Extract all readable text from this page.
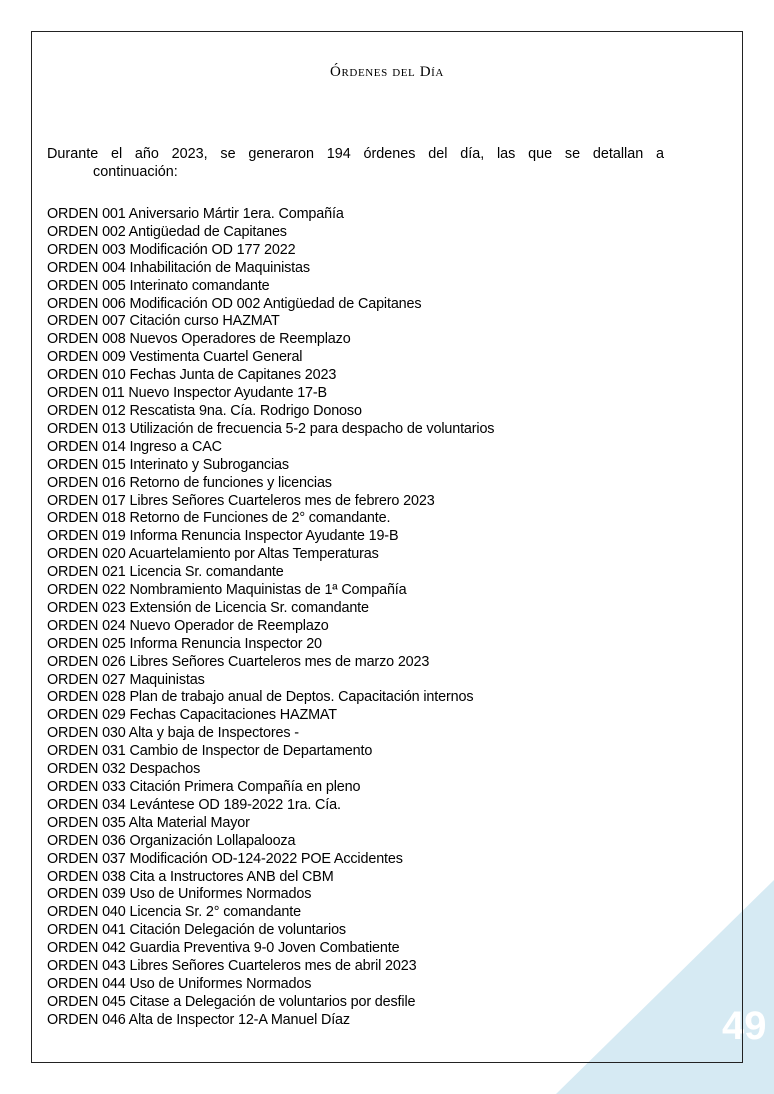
49
Órdenes del Día
Durante el año 2023, se generaron 194 órdenes del día, las que se detallan a
continuación:
ORDEN 001 Aniversario Mártir 1era. Compañía
ORDEN 002 Antigüedad de Capitanes
ORDEN 003 Modificación OD 177 2022
ORDEN 004 Inhabilitación de Maquinistas
ORDEN 005 Interinato comandante
ORDEN 006 Modificación OD 002 Antigüedad de Capitanes
ORDEN 007 Citación curso HAZMAT
ORDEN 008 Nuevos Operadores de Reemplazo
ORDEN 009 Vestimenta Cuartel General
ORDEN 010 Fechas Junta de Capitanes 2023
ORDEN 011 Nuevo Inspector Ayudante 17-B
ORDEN 012 Rescatista 9na. Cía. Rodrigo Donoso
ORDEN 013 Utilización de frecuencia 5-2 para despacho de voluntarios
ORDEN 014 Ingreso a CAC
ORDEN 015 Interinato y Subrogancias
ORDEN 016 Retorno de funciones y licencias
ORDEN 017 Libres Señores Cuarteleros mes de febrero 2023
ORDEN 018 Retorno de Funciones de 2° comandante.
ORDEN 019 Informa Renuncia Inspector Ayudante 19-B
ORDEN 020 Acuartelamiento por Altas Temperaturas
ORDEN 021 Licencia Sr. comandante
ORDEN 022 Nombramiento Maquinistas de 1ª Compañía
ORDEN 023 Extensión de Licencia Sr. comandante
ORDEN 024 Nuevo Operador de Reemplazo
ORDEN 025 Informa Renuncia Inspector 20
ORDEN 026 Libres Señores Cuarteleros mes de marzo 2023
ORDEN 027 Maquinistas
ORDEN 028 Plan de trabajo anual de Deptos. Capacitación internos
ORDEN 029 Fechas Capacitaciones HAZMAT
ORDEN 030 Alta y baja de Inspectores -
ORDEN 031 Cambio de Inspector de Departamento
ORDEN 032 Despachos
ORDEN 033 Citación Primera Compañía en pleno
ORDEN 034 Levántese OD 189-2022 1ra. Cía.
ORDEN 035 Alta Material Mayor
ORDEN 036 Organización Lollapalooza
ORDEN 037 Modificación OD-124-2022 POE Accidentes
ORDEN 038 Cita a Instructores ANB del CBM
ORDEN 039 Uso de Uniformes Normados
ORDEN 040 Licencia Sr. 2° comandante
ORDEN 041 Citación Delegación de voluntarios
ORDEN 042 Guardia Preventiva 9-0 Joven Combatiente
ORDEN 043 Libres Señores Cuarteleros mes de abril 2023
ORDEN 044 Uso de Uniformes Normados
ORDEN 045 Citase a Delegación de voluntarios por desfile
ORDEN 046 Alta de Inspector 12-A Manuel Díaz
